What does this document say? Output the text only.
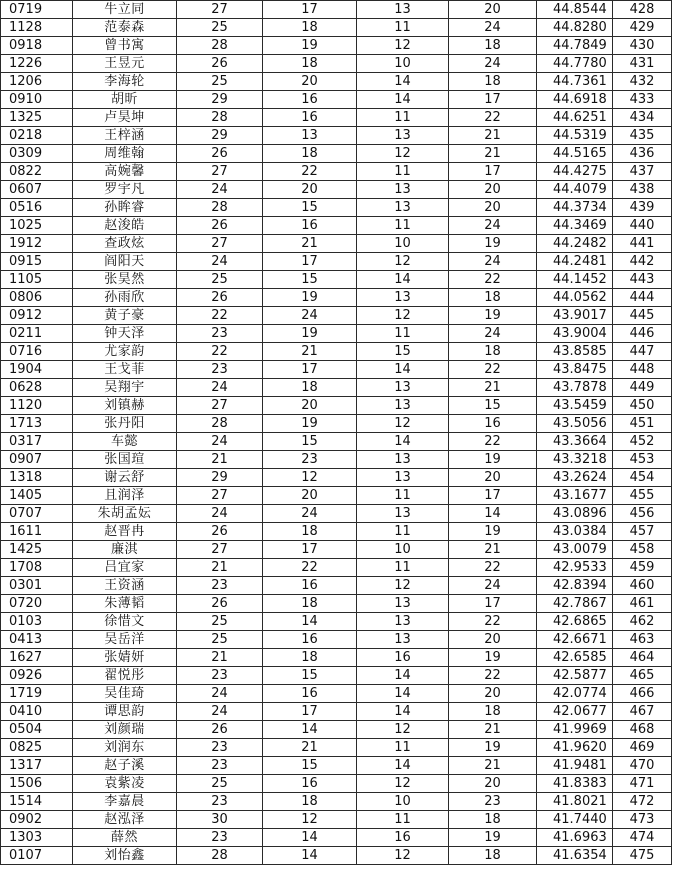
0719	牛立同	27	17	13	20	44.8544	428
1128	范泰森	25	18	11	24	44.8280	429
0918	曾书寓	28	19	12	18	44.7849	430
1226	王昱元	26	18	10	24	44.7780	431
1206	李海轮	25	20	14	18	44.7361	432
0910	胡昕	29	16	14	17	44.6918	433
1325	卢昊坤	28	16	11	22	44.6251	434
0218	王梓涵	29	13	13	21	44.5319	435
0309	周维翰	26	18	12	21	44.5165	436
0822	高婉馨	27	22	11	17	44.4275	437
0607	罗宇凡	24	20	13	20	44.4079	438
0516	孙眸睿	28	15	13	20	44.3734	439
1025	赵浚皓	26	16	11	24	44.3469	440
1912	查政炫	27	21	10	19	44.2482	441
0915	阎阳天	24	17	12	24	44.2481	442
1105	张昊然	25	15	14	22	44.1452	443
0806	孙雨欣	26	19	13	18	44.0562	444
0912	黄子豪	22	24	12	19	43.9017	445
0211	钟天泽	23	19	11	24	43.9004	446
0716	尤家韵	22	21	15	18	43.8585	447
1904	王戈菲	23	17	14	22	43.8475	448
0628	吴翔宇	24	18	13	21	43.7878	449
1120	刘镇赫	27	20	13	15	43.5459	450
1713	张丹阳	28	19	12	16	43.5056	451
0317	车懿	24	15	14	22	43.3664	452
0907	张国瑄	21	23	13	19	43.3218	453
1318	谢云舒	29	12	13	20	43.2624	454
1405	且润泽	27	20	11	17	43.1677	455
0707	朱胡孟妘	24	24	13	14	43.0896	456
1611	赵晋冉	26	18	11	19	43.0384	457
1425	廉淇	27	17	10	21	43.0079	458
1708	吕宜家	21	22	11	22	42.9533	459
0301	王资涵	23	16	12	24	42.8394	460
0720	朱薄韬	26	18	13	17	42.7867	461
0103	徐惜文	25	14	13	22	42.6865	462
0413	吴岳洋	25	16	13	20	42.6671	463
1627	张婧妍	21	18	16	19	42.6585	464
0926	翟悦彤	23	15	14	22	42.5877	465
1719	吴佳琦	24	16	14	20	42.0774	466
0410	谭思韵	24	17	14	18	42.0677	467
0504	刘颜瑞	26	14	12	21	41.9969	468
0825	刘润东	23	21	11	19	41.9620	469
1317	赵子溪	23	15	14	21	41.9481	470
1506	袁紫凌	25	16	12	20	41.8383	471
1514	李嘉晨	23	18	10	23	41.8021	472
0902	赵泓泽	30	12	11	18	41.7440	473
1303	薛然	23	14	16	19	41.6963	474
0107	刘怡鑫	28	14	12	18	41.6354	475
